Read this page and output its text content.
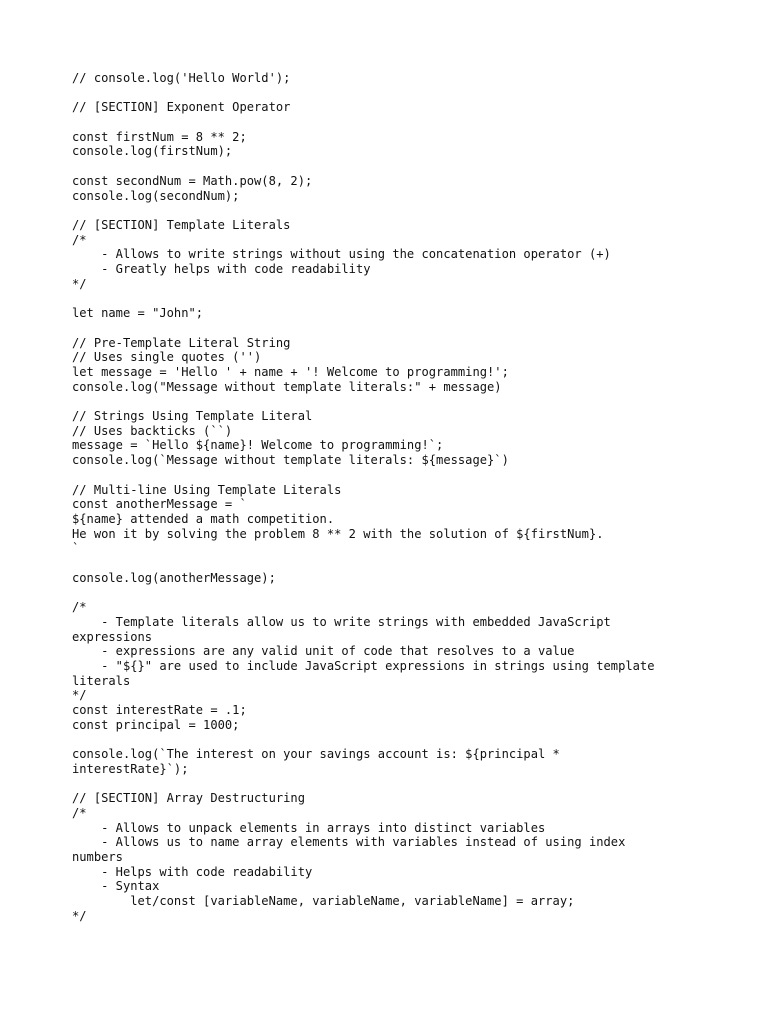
// console.log('Hello World');
// [SECTION] Exponent Operator
const firstNum = 8 ** 2;
console.log(firstNum);
const secondNum = Math.pow(8, 2);
console.log(secondNum);
// [SECTION] Template Literals
/*
- Allows to write strings without using the concatenation operator (+)
- Greatly helps with code readability
*/
let name = "John";
// Pre-Template Literal String
// Uses single quotes ('')
let message = 'Hello ' + name + '! Welcome to programming!';
console.log("Message without template literals:" + message)
// Strings Using Template Literal
// Uses backticks (``)
message = `Hello ${name}! Welcome to programming!`;
console.log(`Message without template literals: ${message}`)
// Multi-line Using Template Literals
const anotherMessage = `
${name} attended a math competition.
He won it by solving the problem 8 ** 2 with the solution of ${firstNum}.
`
console.log(anotherMessage);
/*
- Template literals allow us to write strings with embedded JavaScript
expressions
- expressions are any valid unit of code that resolves to a value
- "${}" are used to include JavaScript expressions in strings using template
literals
*/
const interestRate = .1;
const principal = 1000;
console.log(`The interest on your savings account is: ${principal *
interestRate}`);
// [SECTION] Array Destructuring
/*
- Allows to unpack elements in arrays into distinct variables
- Allows us to name array elements with variables instead of using index
numbers
- Helps with code readability
- Syntax
let/const [variableName, variableName, variableName] = array;
*/
